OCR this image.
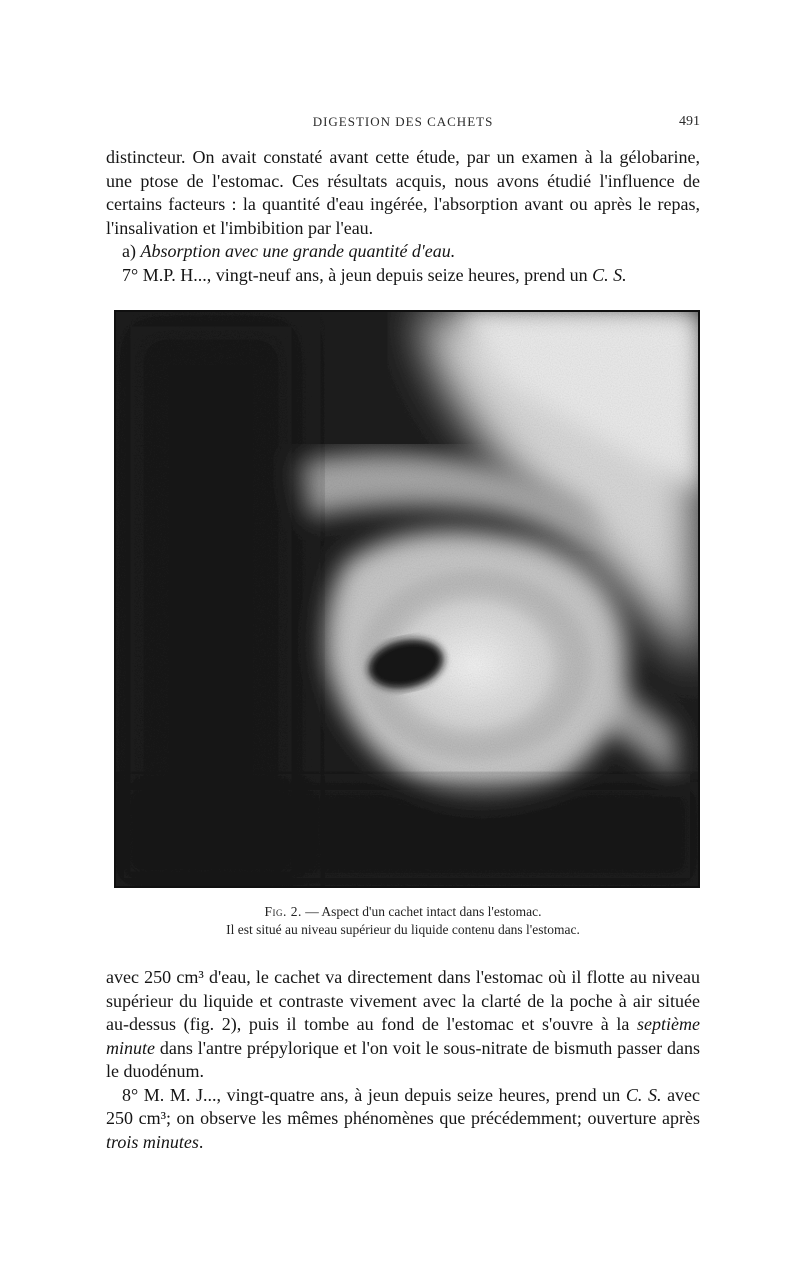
DIGESTION DES CACHETS	491

distincteur. On avait constaté avant cette étude, par un examen à la gélobarine, une ptose de l'estomac. Ces résultats acquis, nous avons étudié l'influence de certains facteurs : la quantité d'eau ingérée, l'absorption avant ou après le repas, l'insalivation et l'imbibition par l'eau.

a) Absorption avec une grande quantité d'eau.

7° M.P. H..., vingt-neuf ans, à jeun depuis seize heures, prend un C. S.

Fig. 2. — Aspect d'un cachet intact dans l'estomac.
Il est situé au niveau supérieur du liquide contenu dans l'estomac.

avec 250 cm³ d'eau, le cachet va directement dans l'estomac où il flotte au niveau supérieur du liquide et contraste vivement avec la clarté de la poche à air située au-dessus (fig. 2), puis il tombe au fond de l'estomac et s'ouvre à la septième minute dans l'antre prépylorique et l'on voit le sous-nitrate de bismuth passer dans le duodénum.

8° M. M. J..., vingt-quatre ans, à jeun depuis seize heures, prend un C. S. avec 250 cm³; on observe les mêmes phénomènes que précédemment; ouverture après trois minutes.
